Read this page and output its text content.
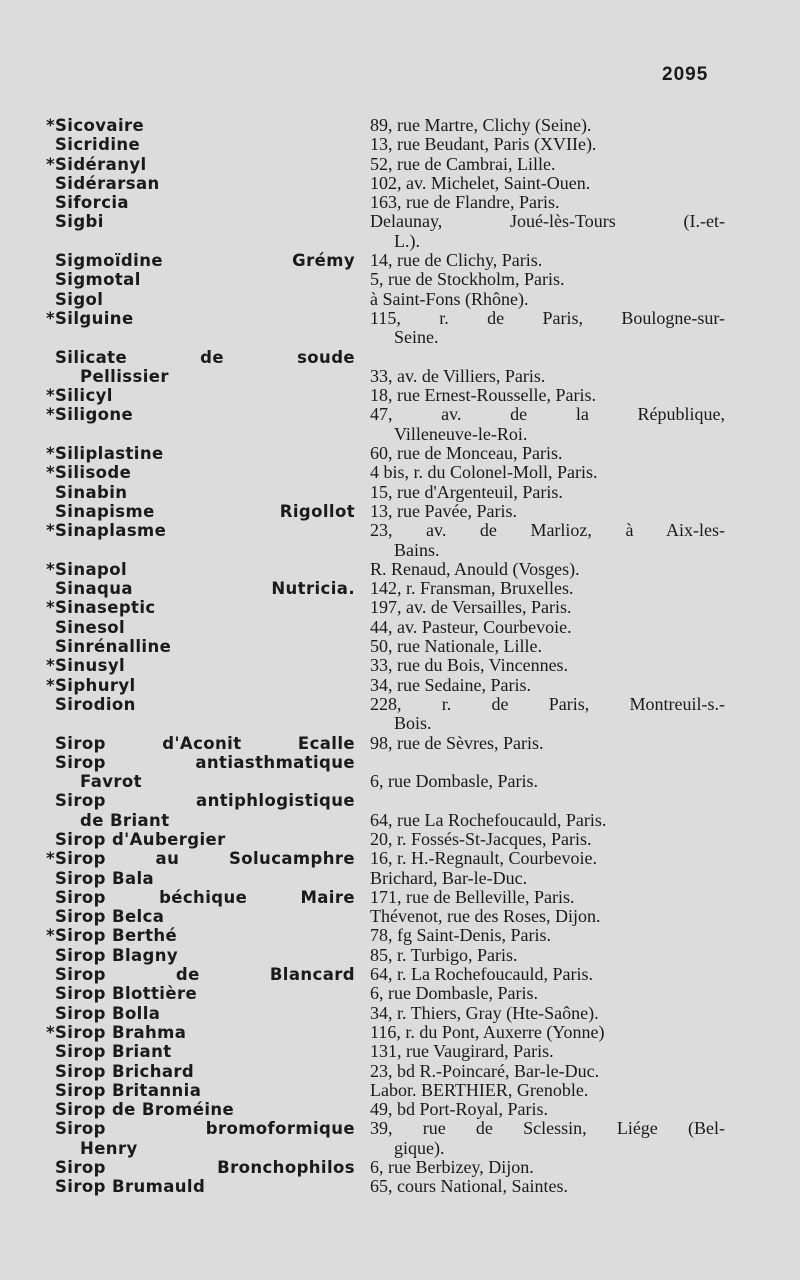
2095
* Sicovaire	89, rue Martre, Clichy (Seine).
Sicridine	13, rue Beudant, Paris (XVIIe).
* Sidéranyl	52, rue de Cambrai, Lille.
Sidérarsan	102, av. Michelet, Saint-Ouen.
Siforcia	163, rue de Flandre, Paris.
Sigbi	Delaunay, Joué-lès-Tours (I.-et-
L.).
Sigmoïdine Grémy 14, rue de Clichy, Paris.
Sigmotal	5, rue de Stockholm, Paris.
Sigol	à Saint-Fons (Rhône).
* Silguine	115, r. de Paris, Boulogne-sur-
Seine.
Silicate de soude
Pellissier
	33, av. de Villiers, Paris.
* Silicyl	18, rue Ernest-Rousselle, Paris.
* Siligone	47, av. de la République,
Villeneuve-le-Roi.
* Siliplastine	60, rue de Monceau, Paris.
* Silisode	4 bis, r. du Colonel-Moll, Paris.
Sinabin	15, rue d'Argenteuil, Paris.
Sinapisme Rigollot 13, rue Pavée, Paris.
* Sinaplasme	23, av. de Marlioz, à Aix-les-
Bains.
* Sinapol	R. Renaud, Anould (Vosges).
Sinaqua Nutricia. 142, r. Fransman, Bruxelles.
* Sinaseptic	197, av. de Versailles, Paris.
Sinesol	44, av. Pasteur, Courbevoie.
Sinrénalline	50, rue Nationale, Lille.
* Sinusyl	33, rue du Bois, Vincennes.
* Siphuryl	34, rue Sedaine, Paris.
Sirodion	228, r. de Paris, Montreuil-s.-
Bois.
Sirop d'Aconit Ecalle 98, rue de Sèvres, Paris.
Sirop antiasthmatique
Favrot
	6, rue Dombasle, Paris.
Sirop antiphlogistique
de Briant
	64, rue La Rochefoucauld, Paris.
Sirop d'Aubergier	20, r. Fossés-St-Jacques, Paris.
* Sirop au Solucamphre 16, r. H.-Regnault, Courbevoie.
Sirop Bala	Brichard, Bar-le-Duc.
Sirop béchique Maire 171, rue de Belleville, Paris.
Sirop Belca	Thévenot, rue des Roses, Dijon.
* Sirop Berthé	78, fg Saint-Denis, Paris.
Sirop Blagny	85, r. Turbigo, Paris.
Sirop de Blancard 64, r. La Rochefoucauld, Paris.
Sirop Blottière	6, rue Dombasle, Paris.
Sirop Bolla	34, r. Thiers, Gray (Hte-Saône).
* Sirop Brahma	116, r. du Pont, Auxerre (Yonne)
Sirop Briant	131, rue Vaugirard, Paris.
Sirop Brichard	23, bd R.-Poincaré, Bar-le-Duc.
Sirop Britannia	Labor. BERTHIER, Grenoble.
Sirop de Broméine	49, bd Port-Royal, Paris.
Sirop bromoformique
Henry
39, rue de Sclessin, Liége (Bel-
gique).
Sirop Bronchophilos 6, rue Berbizey, Dijon.
Sirop Brumauld	65, cours National, Saintes.
